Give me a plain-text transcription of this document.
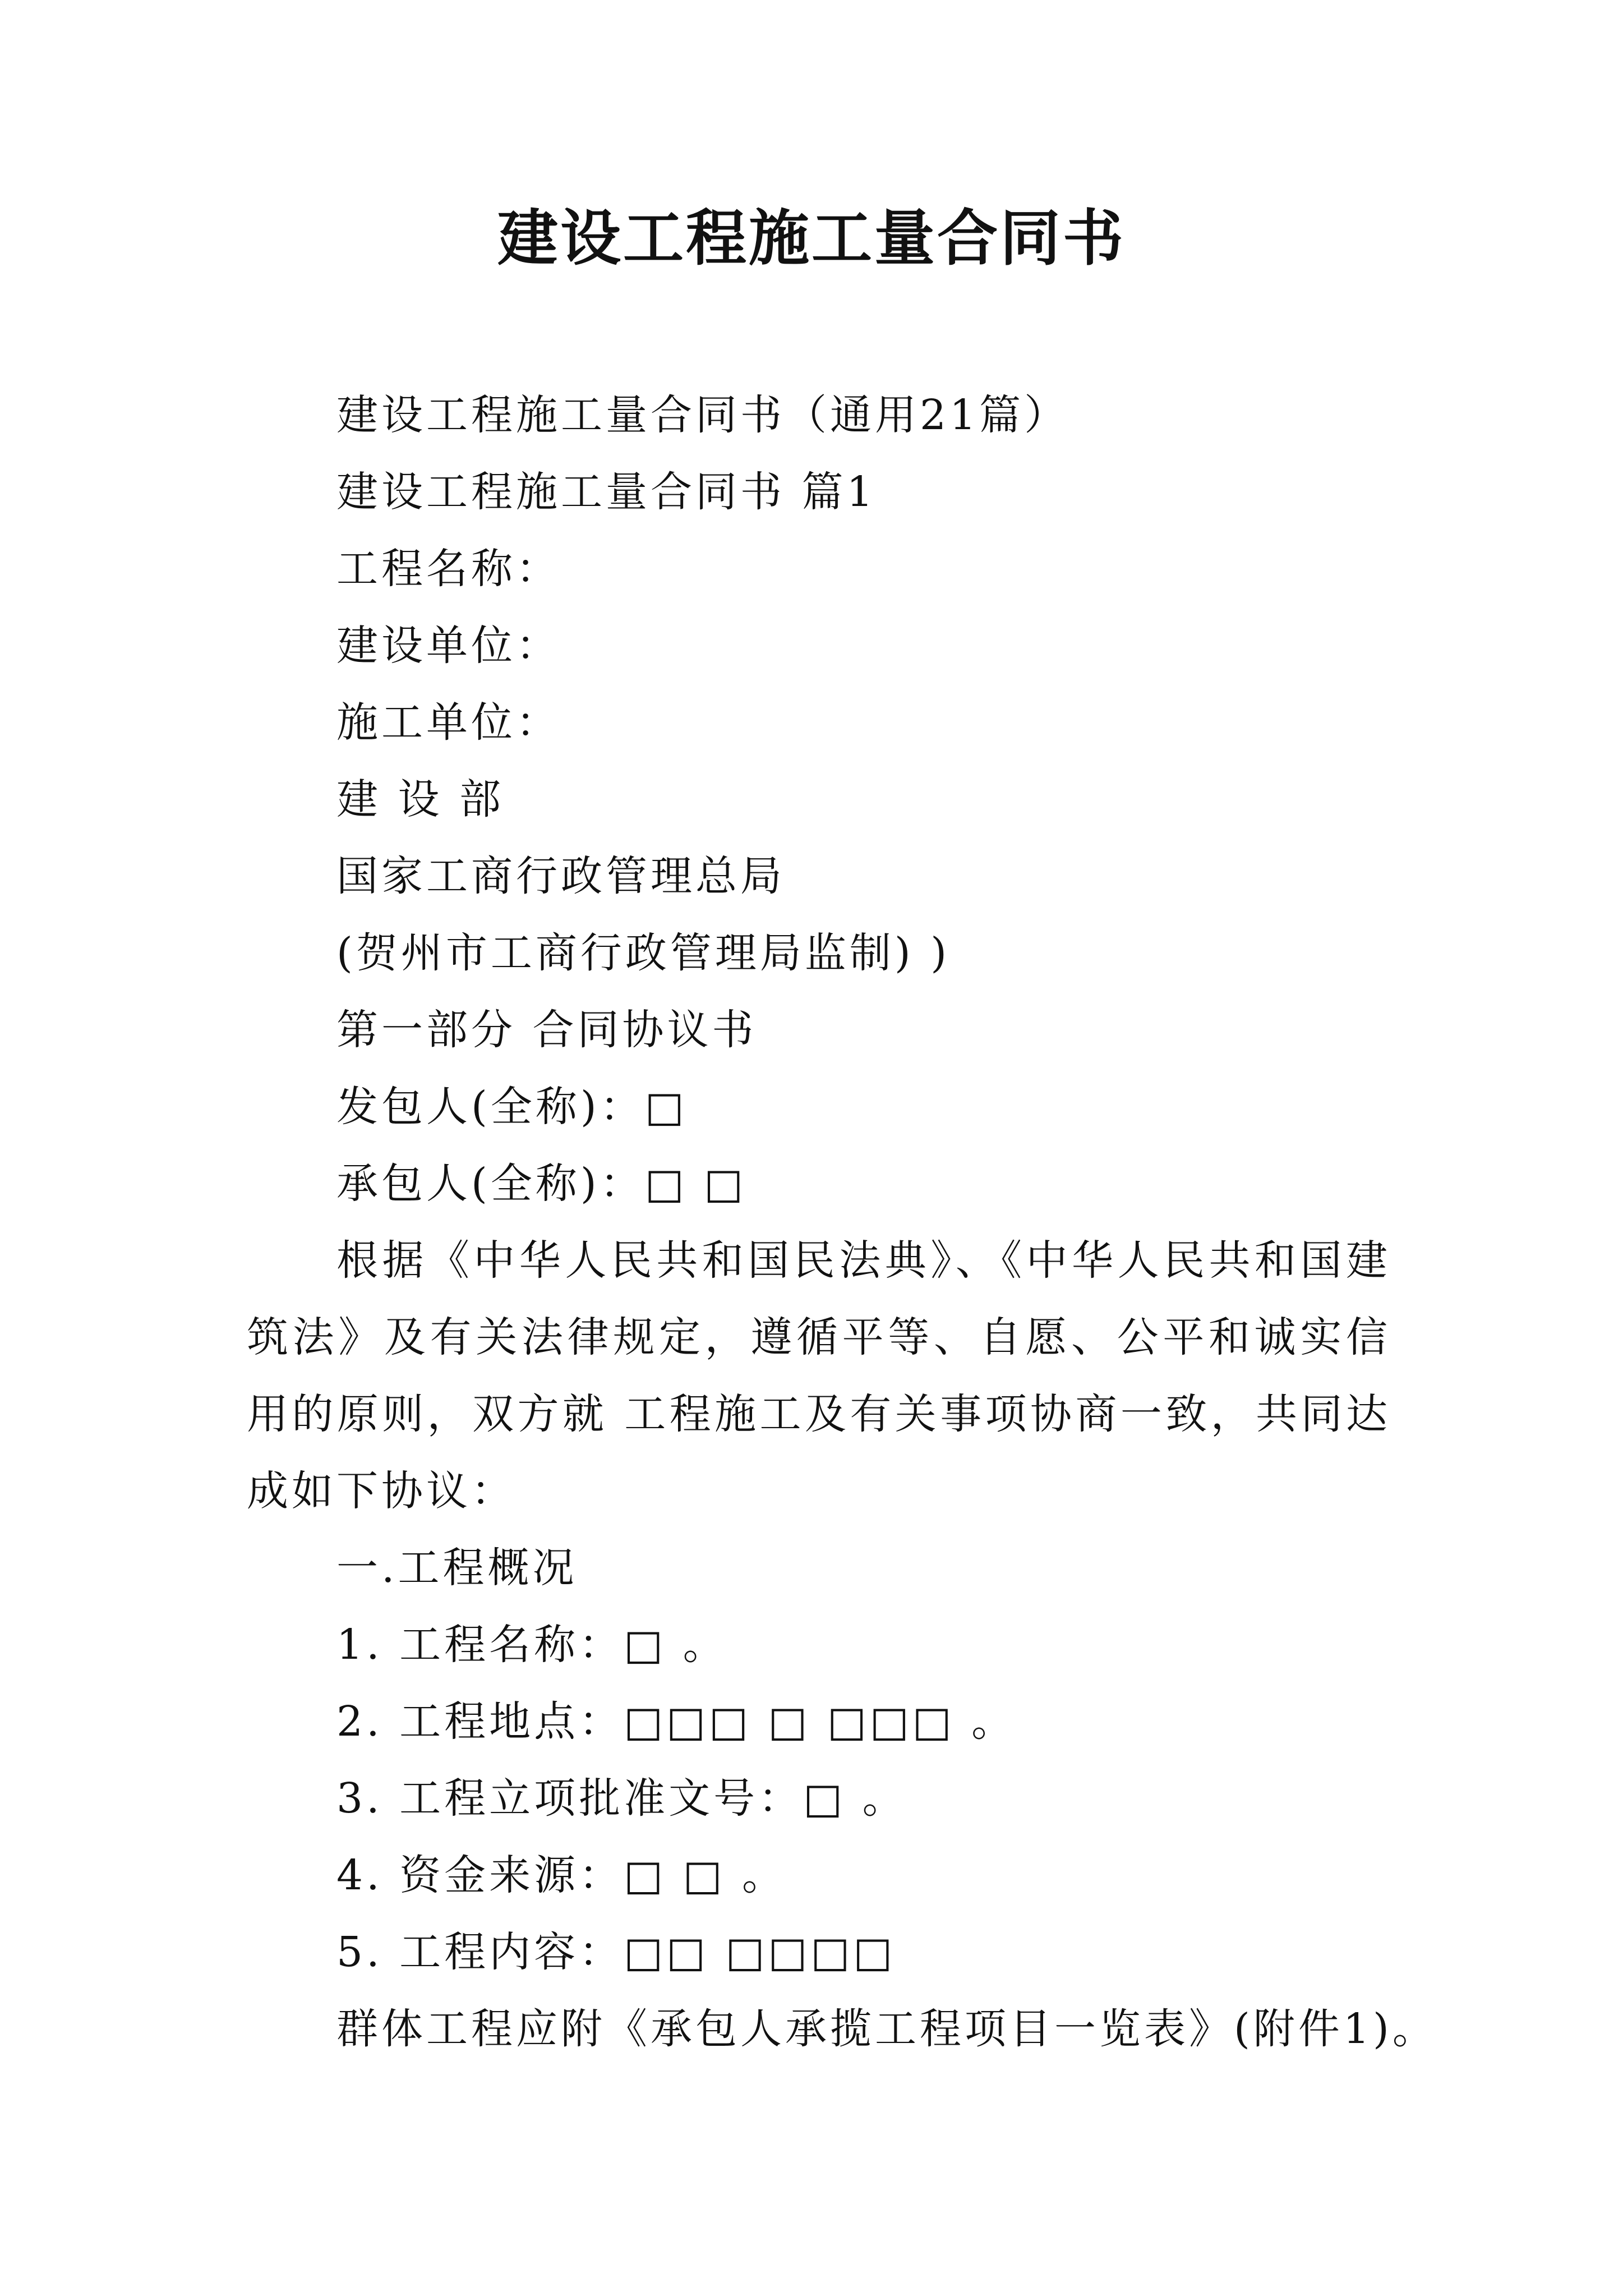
建设工程施工量合同书

建设工程施工量合同书（通用21篇）

建设工程施工量合同书 篇1

工程名称：

建设单位：

施工单位：

建 设 部

国家工商行政管理总局

(贺州市工商行政管理局监制) )

第一部分 合同协议书

发包人(全称)：□

承包人(全称)：□ □

根据《中华人民共和国民法典》、《中华人民共和国建筑法》及有关法律规定，遵循平等、自愿、公平和诚实信用的原则，双方就 工程施工及有关事项协商一致，共同达成如下协议：

一.工程概况

1. 工程名称：□ 。

2. 工程地点：□□□ □ □□□ 。

3. 工程立项批准文号：□ 。

4. 资金来源：□ □ 。

5. 工程内容：□□ □□□□

群体工程应附《承包人承揽工程项目一览表》(附件1)。
